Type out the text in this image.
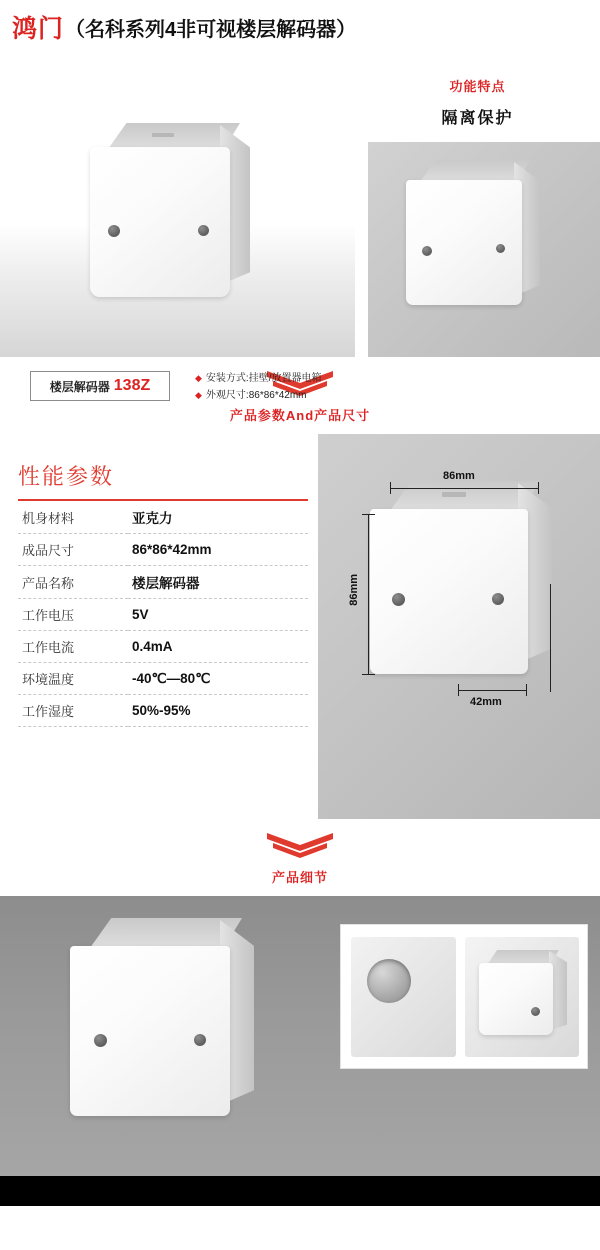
鸿门 （名科系列4非可视楼层解码器）
功能特点
隔离保护
楼层解码器 138Z	◆ 安装方式:挂壁/放置器电箱
◆ 外观尺寸:86*86*42mm
产品参数And产品尺寸
性能参数
机身材料	亚克力
成品尺寸	86*86*42mm
产品名称	楼层解码器
工作电压	5V
工作电流	0.4mA
环境温度	-40℃—80℃
工作湿度	50%-95%
86mm
86mm
42mm
产品细节
